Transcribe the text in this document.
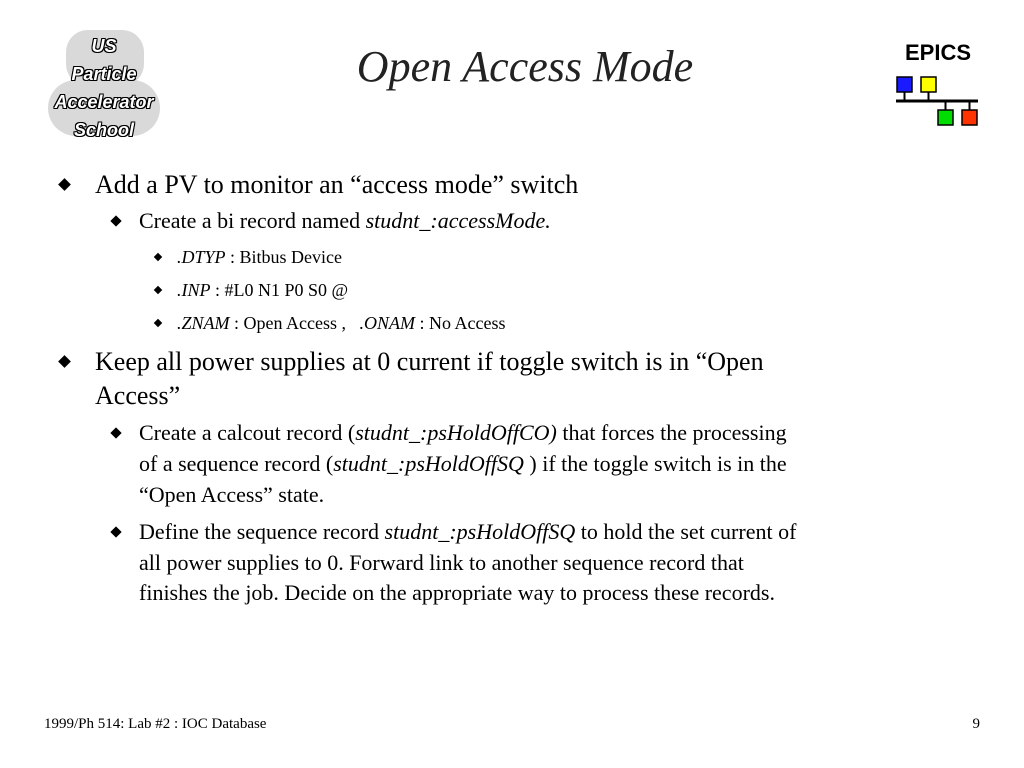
US
Particle
Accelerator
School
Open Access Mode	EPICS
Add a PV to monitor an “access mode” switch
Create a bi record named studnt_:accessMode.
.DTYP : Bitbus Device
.INP : #L0 N1 P0 S0 @
.ZNAM : Open Access ,   .ONAM : No Access
Keep all power supplies at 0 current if toggle switch is in “Open
Access”
Create a calcout record (studnt_:psHoldOffCO) that forces the processing
of a sequence record (studnt_:psHoldOffSQ ) if the toggle switch is in the
“Open Access” state.
Define the sequence record studnt_:psHoldOffSQ to hold the set current of
all power supplies to 0. Forward link to another sequence record that
finishes the job. Decide on the appropriate way to process these records.
1999/Ph 514: Lab #2 : IOC Database	9
